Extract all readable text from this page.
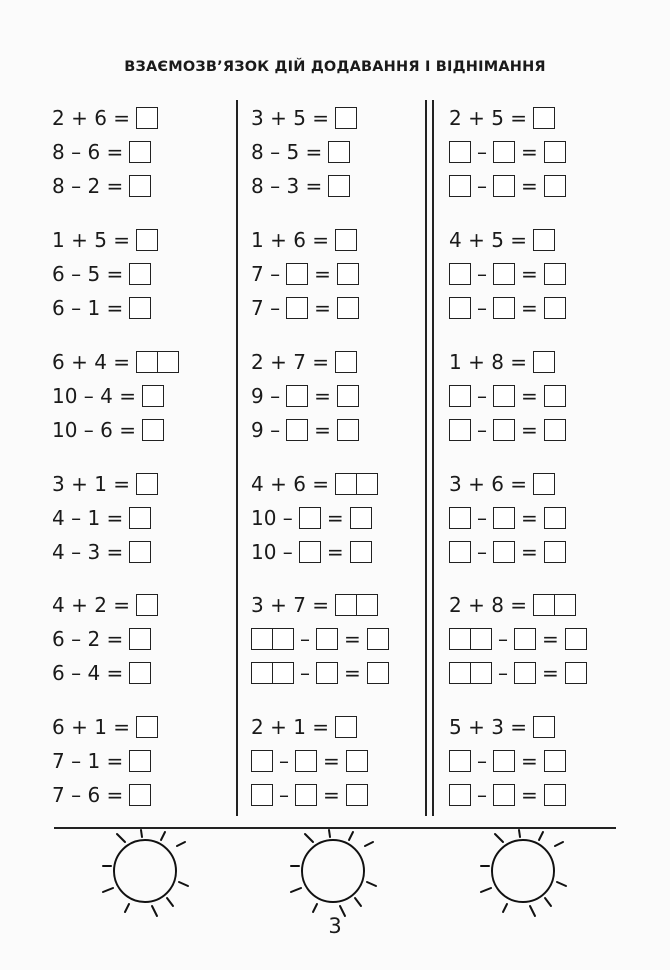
ВЗАЄМОЗВ’ЯЗОК ДІЙ ДОДАВАННЯ І ВІДНІМАННЯ
2 + 6 =
8 – 6 =
8 – 2 =
1 + 5 =
6 – 5 =
6 – 1 =
6 + 4 =
10 – 4 =
10 – 6 =
3 + 1 =
4 – 1 =
4 – 3 =
4 + 2 =
6 – 2 =
6 – 4 =
6 + 1 =
7 – 1 =
7 – 6 =
3 + 5 =
8 – 5 =
8 – 3 =
1 + 6 =
7 – =
7 – =
2 + 7 =
9 – =
9 – =
4 + 6 =
10 – =
10 – =
3 + 7 =
– =
– =
2 + 1 =
– =
– =
2 + 5 =
– =
– =
4 + 5 =
– =
– =
1 + 8 =
– =
– =
3 + 6 =
– =
– =
2 + 8 =
– =
– =
5 + 3 =
– =
– =
3
